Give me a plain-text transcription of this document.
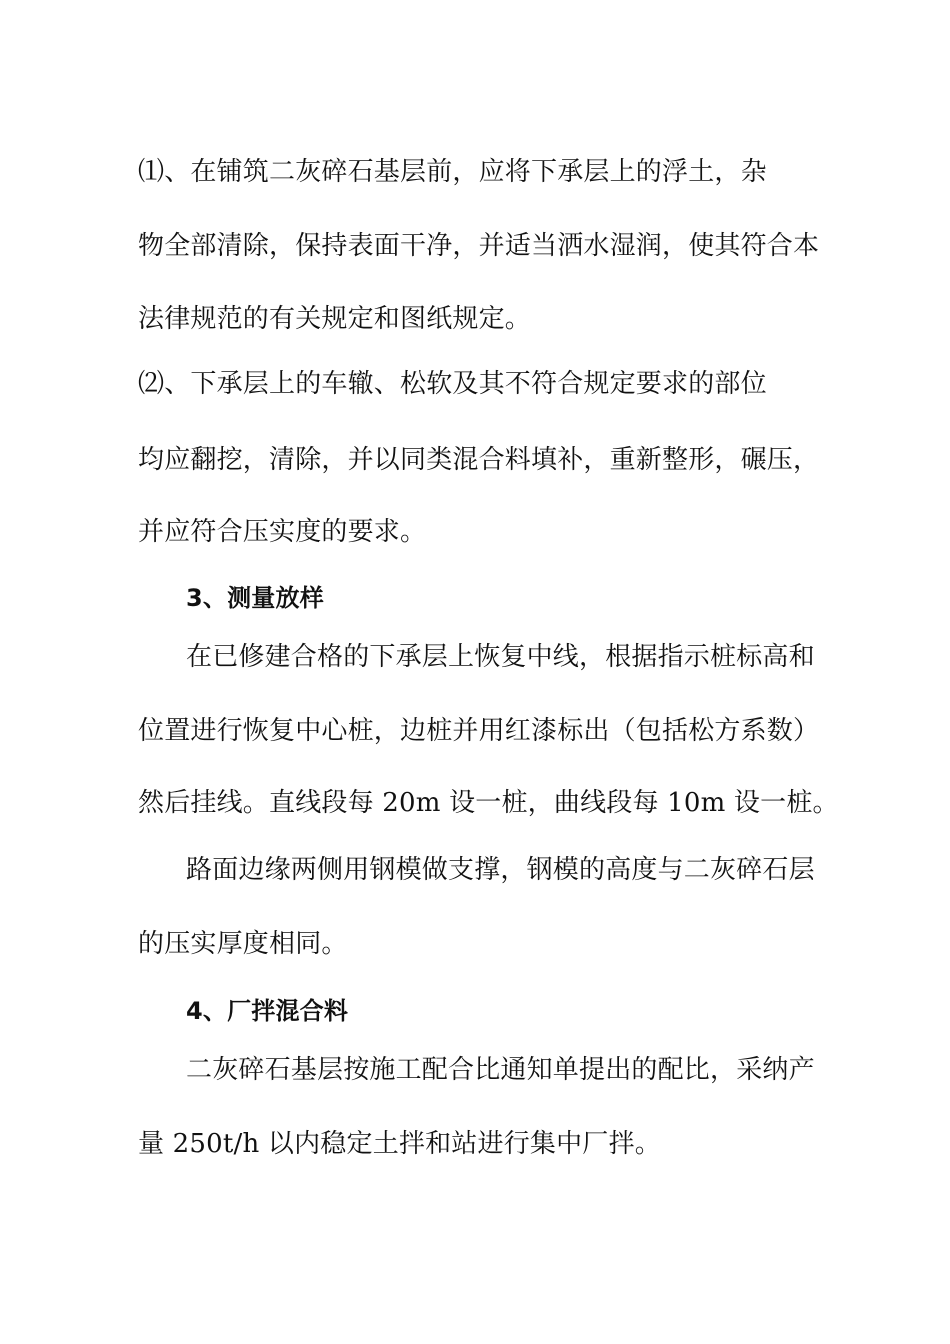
⑴、在铺筑二灰碎石基层前，应将下承层上的浮土，杂
物全部清除，保持表面干净，并适当洒水湿润，使其符合本
法律规范的有关规定和图纸规定。
⑵、下承层上的车辙、松软及其不符合规定要求的部位
均应翻挖，清除，并以同类混合料填补，重新整形，碾压，
并应符合压实度的要求。
3、测量放样
在已修建合格的下承层上恢复中线，根据指示桩标高和
位置进行恢复中心桩，边桩并用红漆标出（包括松方系数）
然后挂线。直线段每 20m 设一桩，曲线段每 10m 设一桩。
路面边缘两侧用钢模做支撑，钢模的高度与二灰碎石层
的压实厚度相同。
4、厂拌混合料
二灰碎石基层按施工配合比通知单提出的配比，采纳产
量 250t/h 以内稳定土拌和站进行集中厂拌。
